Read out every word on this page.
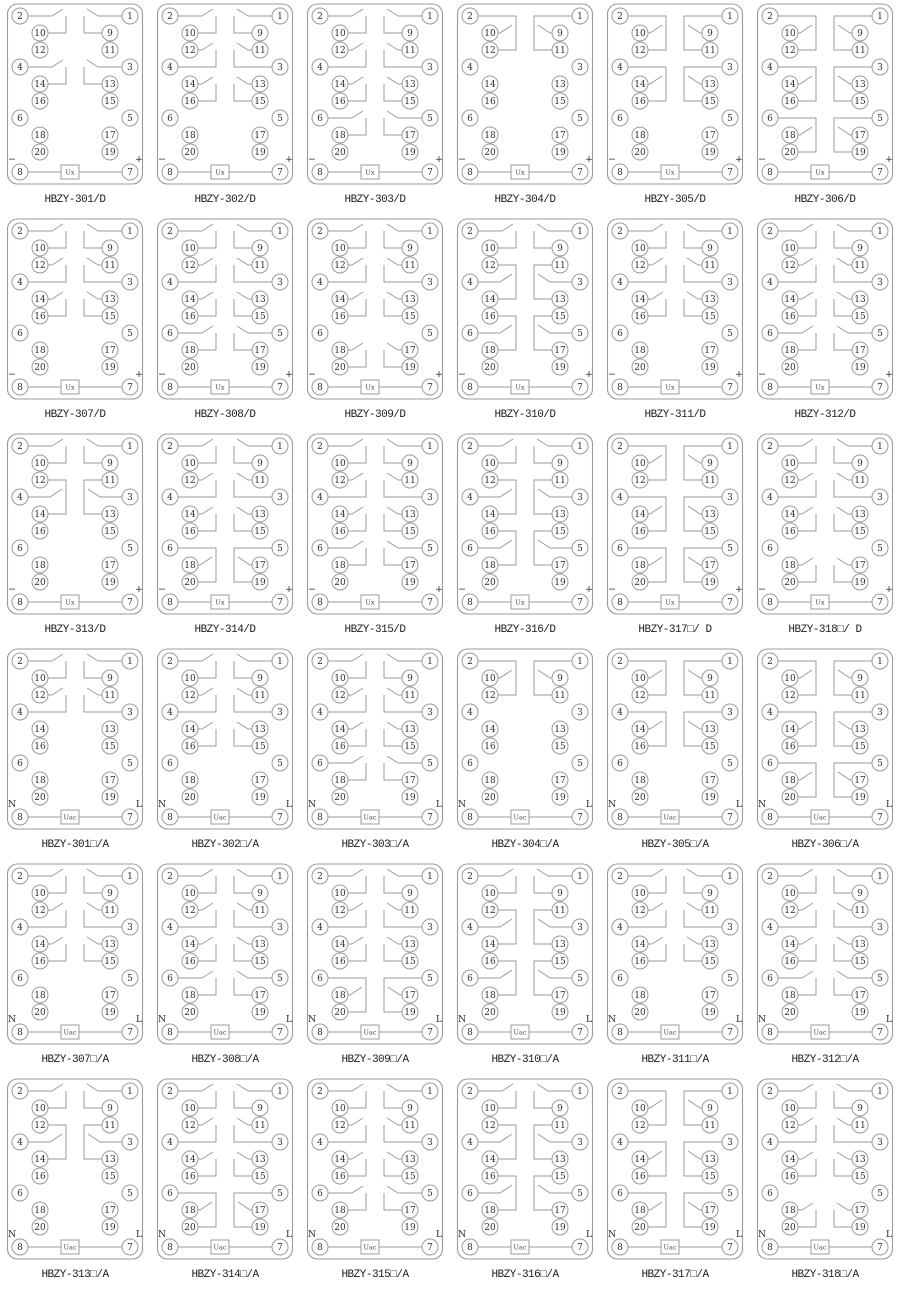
Ux
−	+
2
10
12
4
14
16
6
18
20
8
1
9
11
3
13
15
5
17
19
7
HBZY-301/D
Ux
−	+
2
10
12
4
14
16
6
18
20
8
1
9
11
3
13
15
5
17
19
7
HBZY-302/D
Ux
−	+
2
10
12
4
14
16
6
18
20
8
1
9
11
3
13
15
5
17
19
7
HBZY-303/D
Ux
−	+
2
10
12
4
14
16
6
18
20
8
1
9
11
3
13
15
5
17
19
7
HBZY-304/D
Ux
−	+
2
10
12
4
14
16
6
18
20
8
1
9
11
3
13
15
5
17
19
7
HBZY-305/D
Ux
−	+
2
10
12
4
14
16
6
18
20
8
1
9
11
3
13
15
5
17
19
7
HBZY-306/D
Ux
−	+
2
10
12
4
14
16
6
18
20
8
1
9
11
3
13
15
5
17
19
7
HBZY-307/D
Ux
−	+
2
10
12
4
14
16
6
18
20
8
1
9
11
3
13
15
5
17
19
7
HBZY-308/D
Ux
−	+
2
10
12
4
14
16
6
18
20
8
1
9
11
3
13
15
5
17
19
7
HBZY-309/D
Ux
−	+
2
10
12
4
14
16
6
18
20
8
1
9
11
3
13
15
5
17
19
7
HBZY-310/D
Ux
−	+
2
10
12
4
14
16
6
18
20
8
1
9
11
3
13
15
5
17
19
7
HBZY-311/D
Ux
−	+
2
10
12
4
14
16
6
18
20
8
1
9
11
3
13
15
5
17
19
7
HBZY-312/D
Ux
−	+
2
10
12
4
14
16
6
18
20
8
1
9
11
3
13
15
5
17
19
7
HBZY-313/D
Ux
−	+
2
10
12
4
14
16
6
18
20
8
1
9
11
3
13
15
5
17
19
7
HBZY-314/D
Ux
−	+
2
10
12
4
14
16
6
18
20
8
1
9
11
3
13
15
5
17
19
7
HBZY-315/D
Ux
−	+
2
10
12
4
14
16
6
18
20
8
1
9
11
3
13
15
5
17
19
7
HBZY-316/D
Ux
−	+
2
10
12
4
14
16
6
18
20
8
1
9
11
3
13
15
5
17
19
7
HBZY-317□/ D
Ux
−	+
2
10
12
4
14
16
6
18
20
8
1
9
11
3
13
15
5
17
19
7
HBZY-318□/ D
Uac
N	L
2
10
12
4
14
16
6
18
20
8
1
9
11
3
13
15
5
17
19
7
HBZY-301□/A
Uac
N	L
2
10
12
4
14
16
6
18
20
8
1
9
11
3
13
15
5
17
19
7
HBZY-302□/A
Uac
N	L
2
10
12
4
14
16
6
18
20
8
1
9
11
3
13
15
5
17
19
7
HBZY-303□/A
Uac
N	L
2
10
12
4
14
16
6
18
20
8
1
9
11
3
13
15
5
17
19
7
HBZY-304□/A
Uac
N	L
2
10
12
4
14
16
6
18
20
8
1
9
11
3
13
15
5
17
19
7
HBZY-305□/A
Uac
N	L
2
10
12
4
14
16
6
18
20
8
1
9
11
3
13
15
5
17
19
7
HBZY-306□/A
Uac
N	L
2
10
12
4
14
16
6
18
20
8
1
9
11
3
13
15
5
17
19
7
HBZY-307□/A
Uac
N	L
2
10
12
4
14
16
6
18
20
8
1
9
11
3
13
15
5
17
19
7
HBZY-308□/A
Uac
N	L
2
10
12
4
14
16
6
18
20
8
1
9
11
3
13
15
5
17
19
7
HBZY-309□/A
Uac
N	L
2
10
12
4
14
16
6
18
20
8
1
9
11
3
13
15
5
17
19
7
HBZY-310□/A
Uac
N	L
2
10
12
4
14
16
6
18
20
8
1
9
11
3
13
15
5
17
19
7
HBZY-311□/A
Uac
N	L
2
10
12
4
14
16
6
18
20
8
1
9
11
3
13
15
5
17
19
7
HBZY-312□/A
Uac
N	L
2
10
12
4
14
16
6
18
20
8
1
9
11
3
13
15
5
17
19
7
HBZY-313□/A
Uac
N	L
2
10
12
4
14
16
6
18
20
8
1
9
11
3
13
15
5
17
19
7
HBZY-314□/A
Uac
N	L
2
10
12
4
14
16
6
18
20
8
1
9
11
3
13
15
5
17
19
7
HBZY-315□/A
Uac
N	L
2
10
12
4
14
16
6
18
20
8
1
9
11
3
13
15
5
17
19
7
HBZY-316□/A
Uac
N	L
2
10
12
4
14
16
6
18
20
8
1
9
11
3
13
15
5
17
19
7
HBZY-317□/A
Uac
N	L
2
10
12
4
14
16
6
18
20
8
1
9
11
3
13
15
5
17
19
7
HBZY-318□/A
